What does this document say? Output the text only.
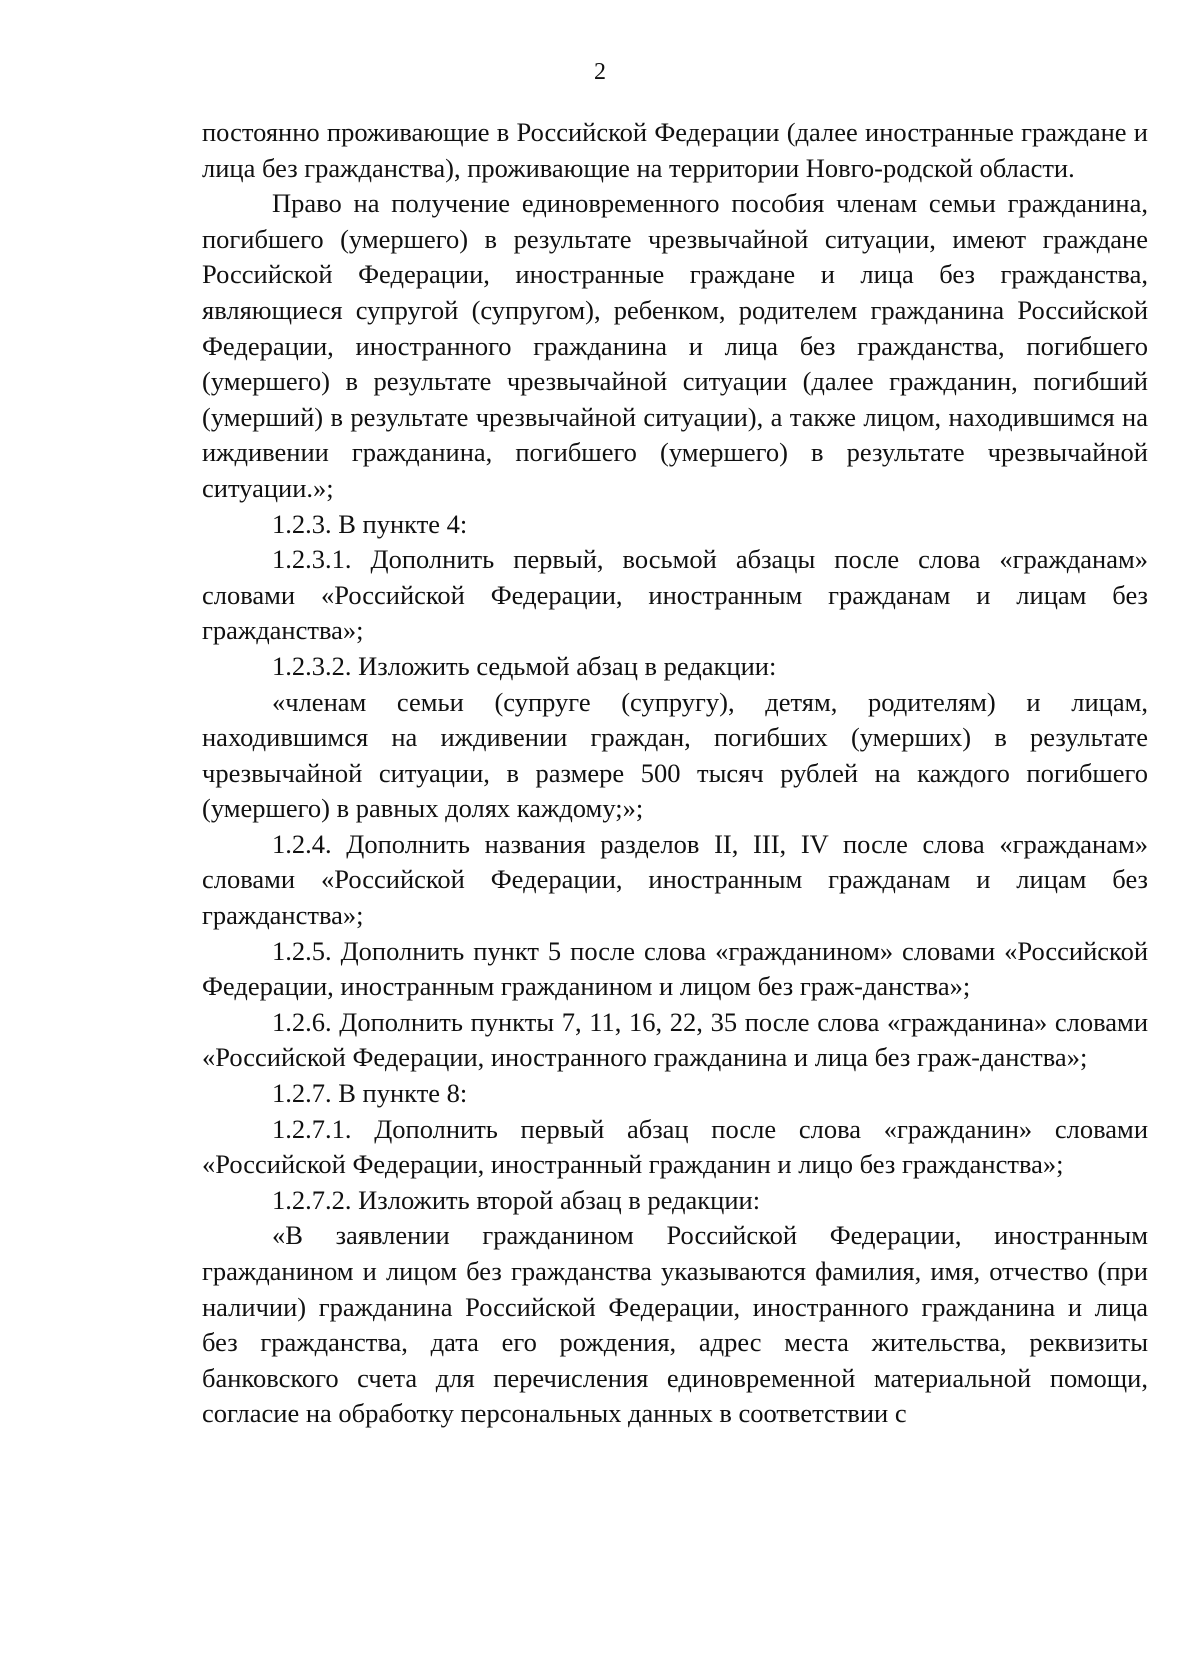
2

постоянно проживающие в Российской Федерации (далее иностранные граждане и лица без гражданства), проживающие на территории Новго-родской области.

Право на получение единовременного пособия членам семьи гражданина, погибшего (умершего) в результате чрезвычайной ситуации, имеют граждане Российской Федерации, иностранные граждане и лица без гражданства, являющиеся супругой (супругом), ребенком, родителем гражданина Российской Федерации, иностранного гражданина и лица без гражданства, погибшего (умершего) в результате чрезвычайной ситуации (далее гражданин, погибший (умерший) в результате чрезвычайной ситуации), а также лицом, находившимся на иждивении гражданина, погибшего (умершего) в результате чрезвычайной ситуации.»;

1.2.3. В пункте 4:

1.2.3.1. Дополнить первый, восьмой абзацы после слова «гражданам» словами «Российской Федерации, иностранным гражданам и лицам без гражданства»;

1.2.3.2. Изложить седьмой абзац в редакции:

«членам семьи (супруге (супругу), детям, родителям) и лицам, находившимся на иждивении граждан, погибших (умерших) в результате чрезвычайной ситуации, в размере 500 тысяч рублей на каждого погибшего (умершего) в равных долях каждому;»;

1.2.4. Дополнить названия разделов II, III, IV после слова «гражданам» словами «Российской Федерации, иностранным гражданам и лицам без гражданства»;

1.2.5. Дополнить пункт 5 после слова «гражданином» словами «Российской Федерации, иностранным гражданином и лицом без граж-данства»;

1.2.6. Дополнить пункты 7, 11, 16, 22, 35 после слова «гражданина» словами «Российской Федерации, иностранного гражданина и лица без граж-данства»;

1.2.7. В пункте 8:

1.2.7.1. Дополнить первый абзац после слова «гражданин» словами «Российской Федерации, иностранный гражданин и лицо без гражданства»;

1.2.7.2. Изложить второй абзац в редакции:

«В заявлении гражданином Российской Федерации, иностранным гражданином и лицом без гражданства указываются фамилия, имя, отчество (при наличии) гражданина Российской Федерации, иностранного гражданина и лица без гражданства, дата его рождения, адрес места жительства, реквизиты банковского счета для перечисления единовременной материальной помощи, согласие на обработку персональных данных в соответствии с
